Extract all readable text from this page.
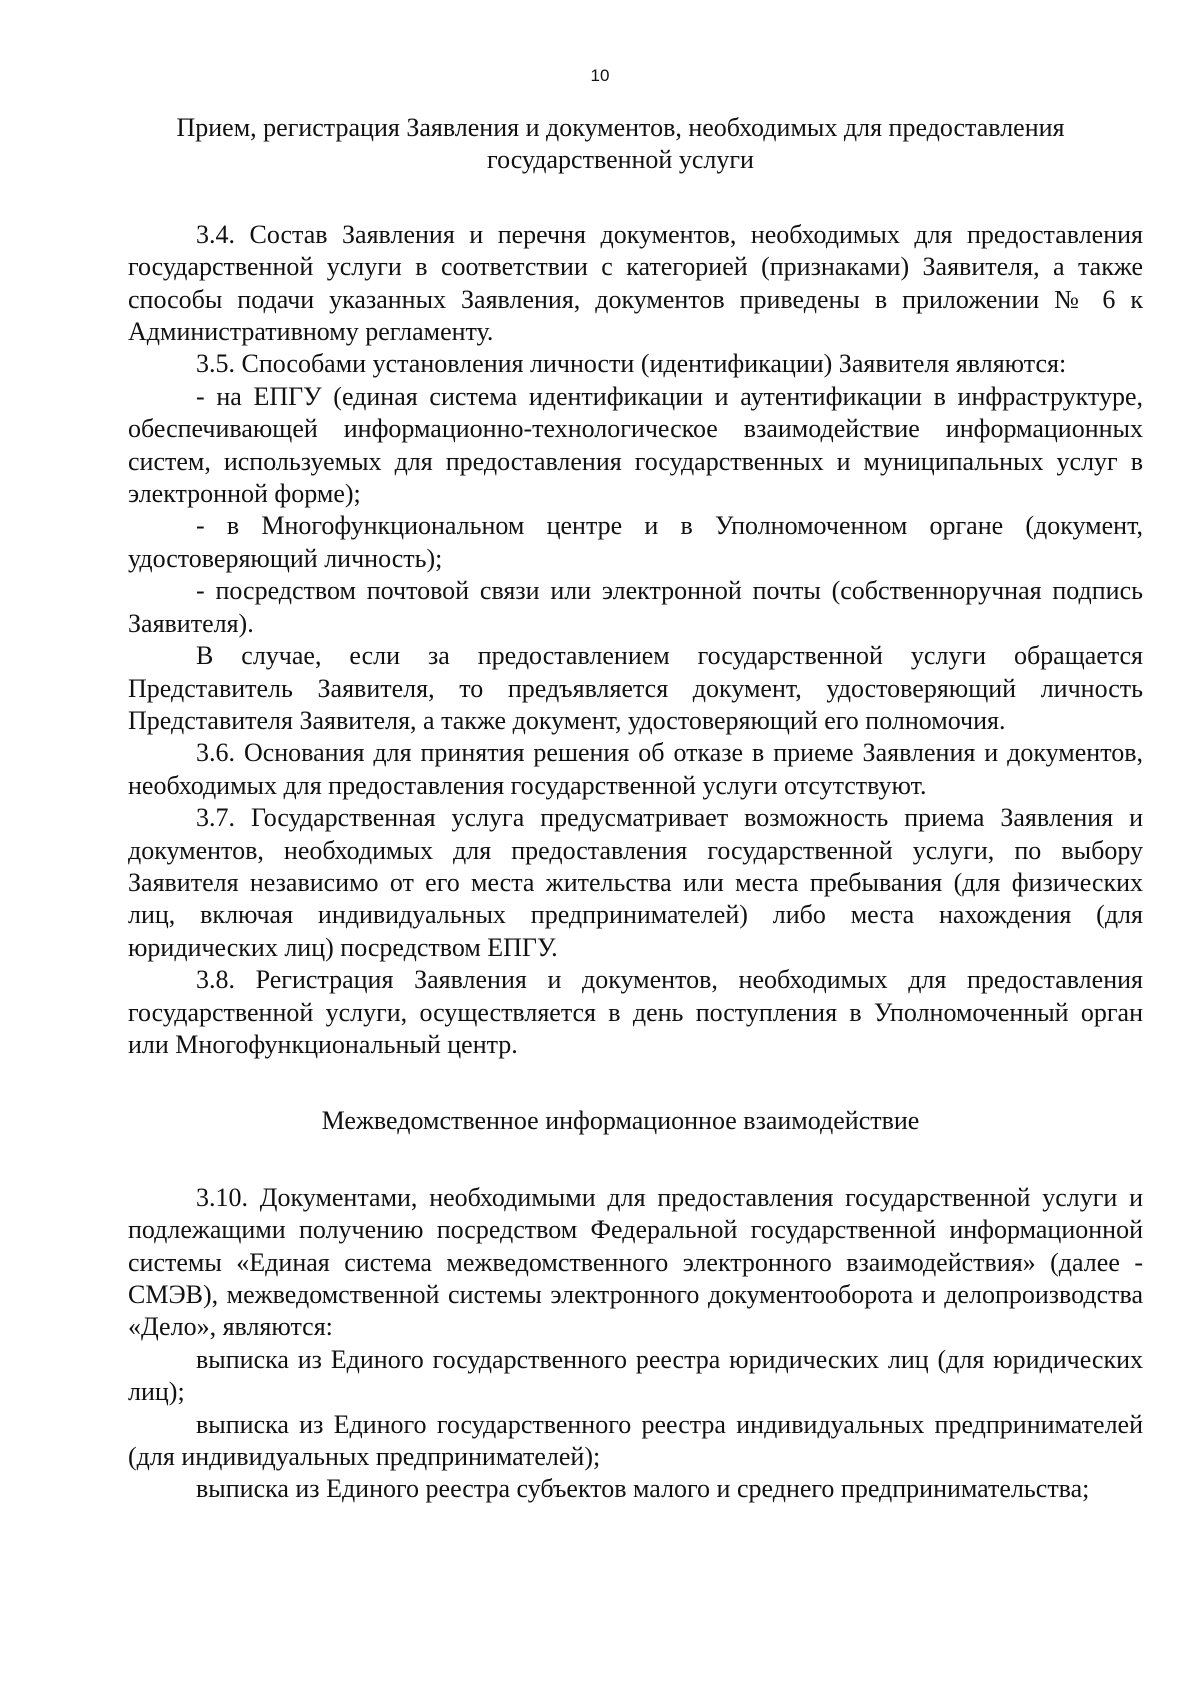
10

Прием, регистрация Заявления и документов, необходимых для предоставления государственной услуги

3.4. Состав Заявления и перечня документов, необходимых для предоставления государственной услуги в соответствии с категорией (признаками) Заявителя, а также способы подачи указанных Заявления, документов приведены в приложении № 6 к Административному регламенту.

3.5. Способами установления личности (идентификации) Заявителя являются:

- на ЕПГУ (единая система идентификации и аутентификации в инфраструктуре, обеспечивающей информационно-технологическое взаимодействие информационных систем, используемых для предоставления государственных и муниципальных услуг в электронной форме);

- в Многофункциональном центре и в Уполномоченном органе (документ, удостоверяющий личность);

- посредством почтовой связи или электронной почты (собственноручная подпись Заявителя).

В случае, если за предоставлением государственной услуги обращается Представитель Заявителя, то предъявляется документ, удостоверяющий личность Представителя Заявителя, а также документ, удостоверяющий его полномочия.

3.6. Основания для принятия решения об отказе в приеме Заявления и документов, необходимых для предоставления государственной услуги отсутствуют.

3.7. Государственная услуга предусматривает возможность приема Заявления и документов, необходимых для предоставления государственной услуги, по выбору Заявителя независимо от его места жительства или места пребывания (для физических лиц, включая индивидуальных предпринимателей) либо места нахождения (для юридических лиц) посредством ЕПГУ.

3.8. Регистрация Заявления и документов, необходимых для предоставления государственной услуги, осуществляется в день поступления в Уполномоченный орган или Многофункциональный центр.

Межведомственное информационное взаимодействие

3.10. Документами, необходимыми для предоставления государственной услуги и подлежащими получению посредством Федеральной государственной информационной системы «Единая система межведомственного электронного взаимодействия» (далее - СМЭВ), межведомственной системы электронного документооборота и делопроизводства «Дело», являются:

выписка из Единого государственного реестра юридических лиц (для юридических лиц);

выписка из Единого государственного реестра индивидуальных предпринимателей (для индивидуальных предпринимателей);

выписка из Единого реестра субъектов малого и среднего предпринимательства;
